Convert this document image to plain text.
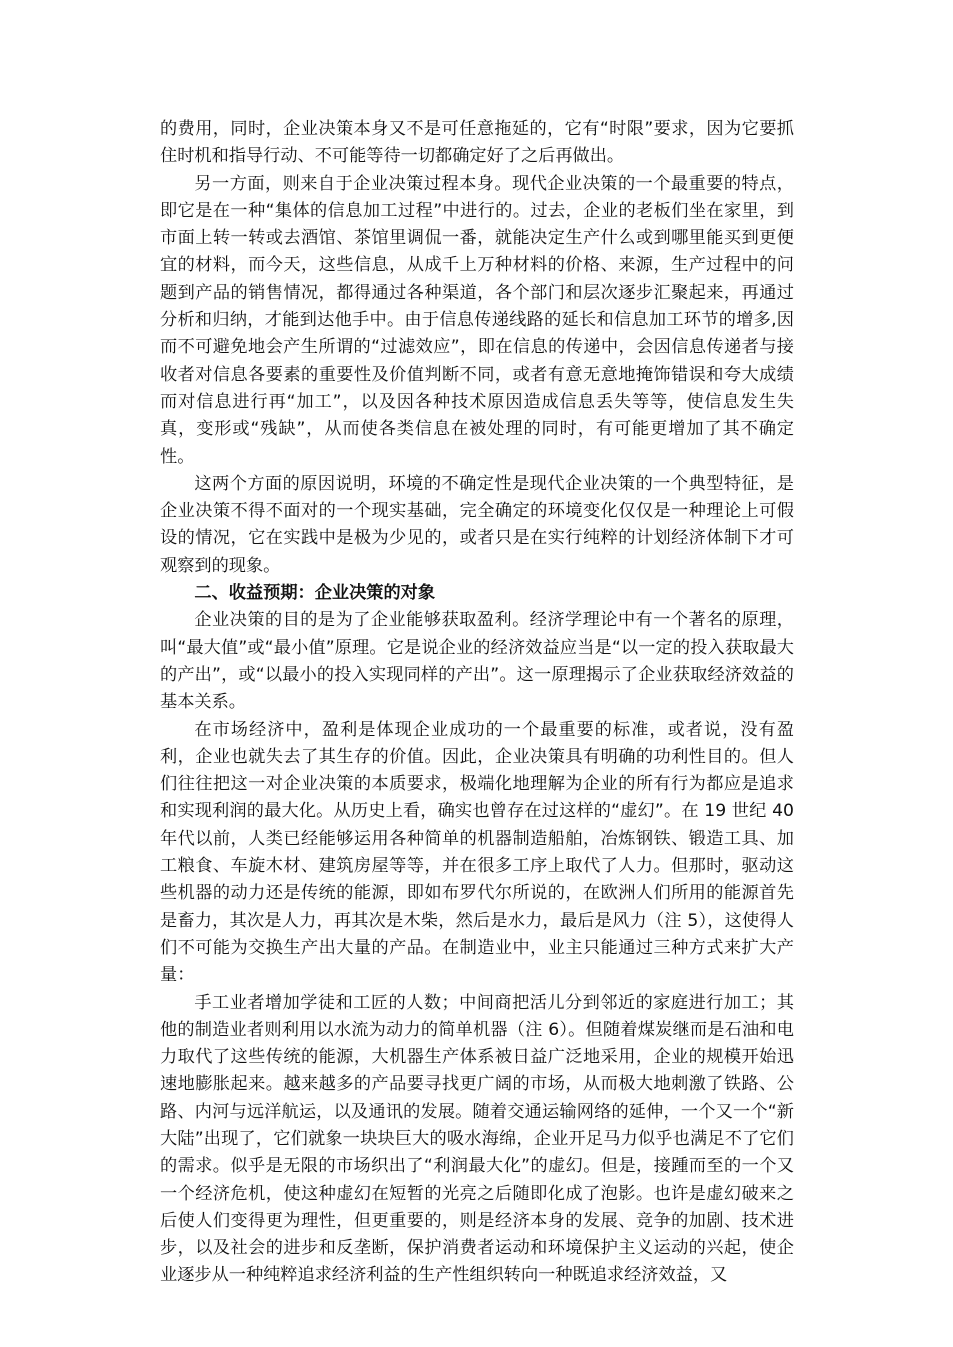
的费用，同时，企业决策本身又不是可任意拖延的，它有“时限”要求，因为它要抓住时机和指导行动、不可能等待一切都确定好了之后再做出。

另一方面，则来自于企业决策过程本身。现代企业决策的一个最重要的特点，即它是在一种“集体的信息加工过程”中进行的。过去，企业的老板们坐在家里，到市面上转一转或去酒馆、茶馆里调侃一番，就能决定生产什么或到哪里能买到更便宜的材料，而今天，这些信息，从成千上万种材料的价格、来源，生产过程中的问题到产品的销售情况，都得通过各种渠道，各个部门和层次逐步汇聚起来，再通过分析和归纳，才能到达他手中。由于信息传递线路的延长和信息加工环节的增多,因而不可避免地会产生所谓的“过滤效应”，即在信息的传递中，会因信息传递者与接收者对信息各要素的重要性及价值判断不同，或者有意无意地掩饰错误和夸大成绩而对信息进行再“加工”，以及因各种技术原因造成信息丢失等等，使信息发生失真，变形或“残缺”，从而使各类信息在被处理的同时，有可能更增加了其不确定性。

这两个方面的原因说明，环境的不确定性是现代企业决策的一个典型特征，是企业决策不得不面对的一个现实基础，完全确定的环境变化仅仅是一种理论上可假设的情况，它在实践中是极为少见的，或者只是在实行纯粹的计划经济体制下才可观察到的现象。

二、收益预期：企业决策的对象

企业决策的目的是为了企业能够获取盈利。经济学理论中有一个著名的原理，叫“最大值”或“最小值”原理。它是说企业的经济效益应当是“以一定的投入获取最大的产出”，或“以最小的投入实现同样的产出”。这一原理揭示了企业获取经济效益的基本关系。

在市场经济中，盈利是体现企业成功的一个最重要的标准，或者说，没有盈利，企业也就失去了其生存的价值。因此，企业决策具有明确的功利性目的。但人们往往把这一对企业决策的本质要求，极端化地理解为企业的所有行为都应是追求和实现利润的最大化。从历史上看，确实也曾存在过这样的“虚幻”。在 19 世纪 40 年代以前，人类已经能够运用各种简单的机器制造船舶，冶炼钢铁、锻造工具、加工粮食、车旋木材、建筑房屋等等，并在很多工序上取代了人力。但那时，驱动这些机器的动力还是传统的能源，即如布罗代尔所说的，在欧洲人们所用的能源首先是畜力，其次是人力，再其次是木柴，然后是水力，最后是风力（注 5），这使得人们不可能为交换生产出大量的产品。在制造业中，业主只能通过三种方式来扩大产量：

手工业者增加学徒和工匠的人数；中间商把活儿分到邻近的家庭进行加工；其他的制造业者则利用以水流为动力的简单机器（注 6）。但随着煤炭继而是石油和电力取代了这些传统的能源，大机器生产体系被日益广泛地采用，企业的规模开始迅速地膨胀起来。越来越多的产品要寻找更广阔的市场，从而极大地刺激了铁路、公路、内河与远洋航运，以及通讯的发展。随着交通运输网络的延伸，一个又一个“新大陆”出现了，它们就象一块块巨大的吸水海绵，企业开足马力似乎也满足不了它们的需求。似乎是无限的市场织出了“利润最大化”的虚幻。但是，接踵而至的一个又一个经济危机，使这种虚幻在短暂的光亮之后随即化成了泡影。也许是虚幻破来之后使人们变得更为理性，但更重要的，则是经济本身的发展、竞争的加剧、技术进步，以及社会的进步和反垄断，保护消费者运动和环境保护主义运动的兴起，使企业逐步从一种纯粹追求经济利益的生产性组织转向一种既追求经济效益，又
